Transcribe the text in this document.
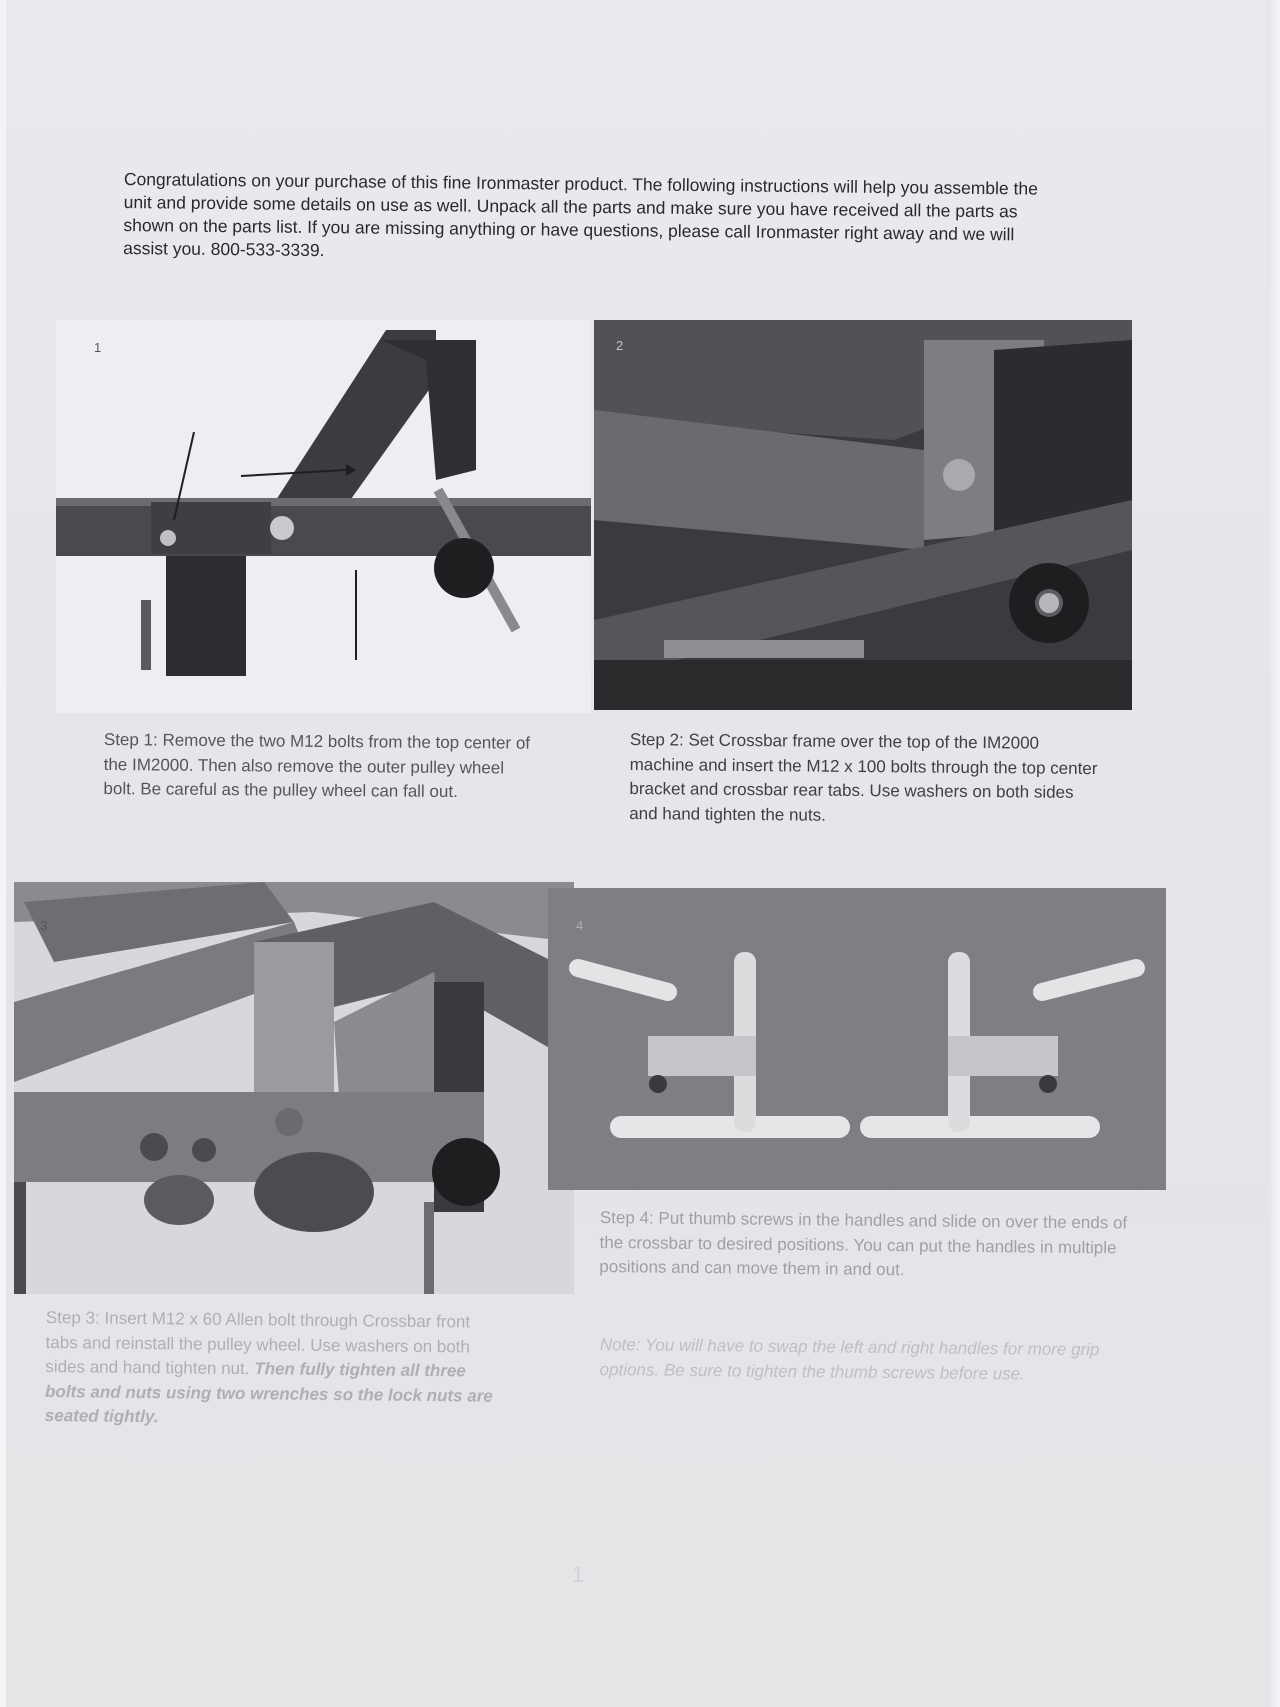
Congratulations on your purchase of this fine Ironmaster product. The following instructions will help you assemble the unit and provide some details on use as well. Unpack all the parts and make sure you have received all the parts as shown on the parts list. If you are missing anything or have questions, please call Ironmaster right away and we will assist you. 800-533-3339.

1	2

Step 1: Remove the two M12 bolts from the top center of the IM2000. Then also remove the outer pulley wheel bolt. Be careful as the pulley wheel can fall out.

Step 2: Set Crossbar frame over the top of the IM2000 machine and insert the M12 x 100 bolts through the top center bracket and crossbar rear tabs. Use washers on both sides and hand tighten the nuts.

3	4

Step 3: Insert M12 x 60 Allen bolt through Crossbar front tabs and reinstall the pulley wheel. Use washers on both sides and hand tighten nut. Then fully tighten all three bolts and nuts using two wrenches so the lock nuts are seated tightly.

Step 4: Put thumb screws in the handles and slide on over the ends of the crossbar to desired positions. You can put the handles in multiple positions and can move them in and out.

Note: You will have to swap the left and right handles for more grip options. Be sure to tighten the thumb screws before use.

1
